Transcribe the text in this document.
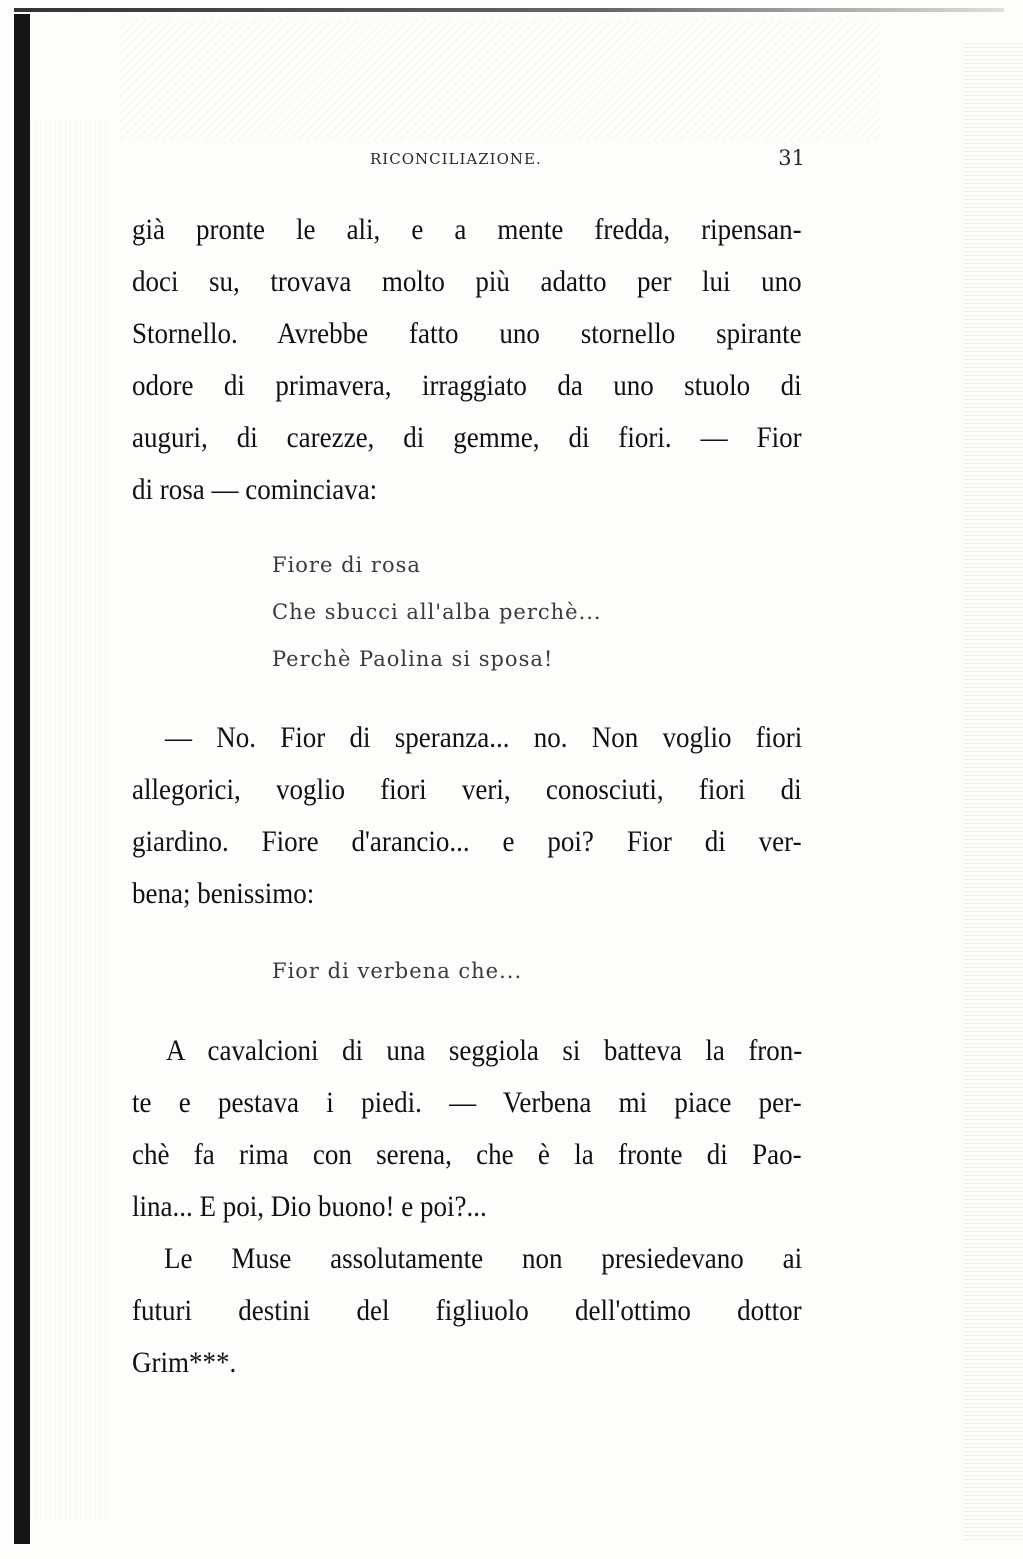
RICONCILIAZIONE.	31

già pronte le ali, e a mente fredda, ripensan-
doci su, trovava molto più adatto per lui uno
Stornello. Avrebbe fatto uno stornello spirante
odore di primavera, irraggiato da uno stuolo di
auguri, di carezze, di gemme, di fiori. — Fior
di rosa — cominciava:

Fiore di rosa
Che sbucci all'alba perchè...
Perchè Paolina si sposa!

— No. Fior di speranza... no. Non voglio fiori

allegorici, voglio fiori veri, conosciuti, fiori di
giardino. Fiore d'arancio... e poi? Fior di ver-
bena; benissimo:

Fior di verbena che...

A cavalcioni di una seggiola si batteva la fron-

te e pestava i piedi. — Verbena mi piace per-
chè fa rima con serena, che è la fronte di Pao-
lina... E poi, Dio buono! e poi?...

Le Muse assolutamente non presiedevano ai

futuri destini del figliuolo dell'ottimo dottor
Grim***.
